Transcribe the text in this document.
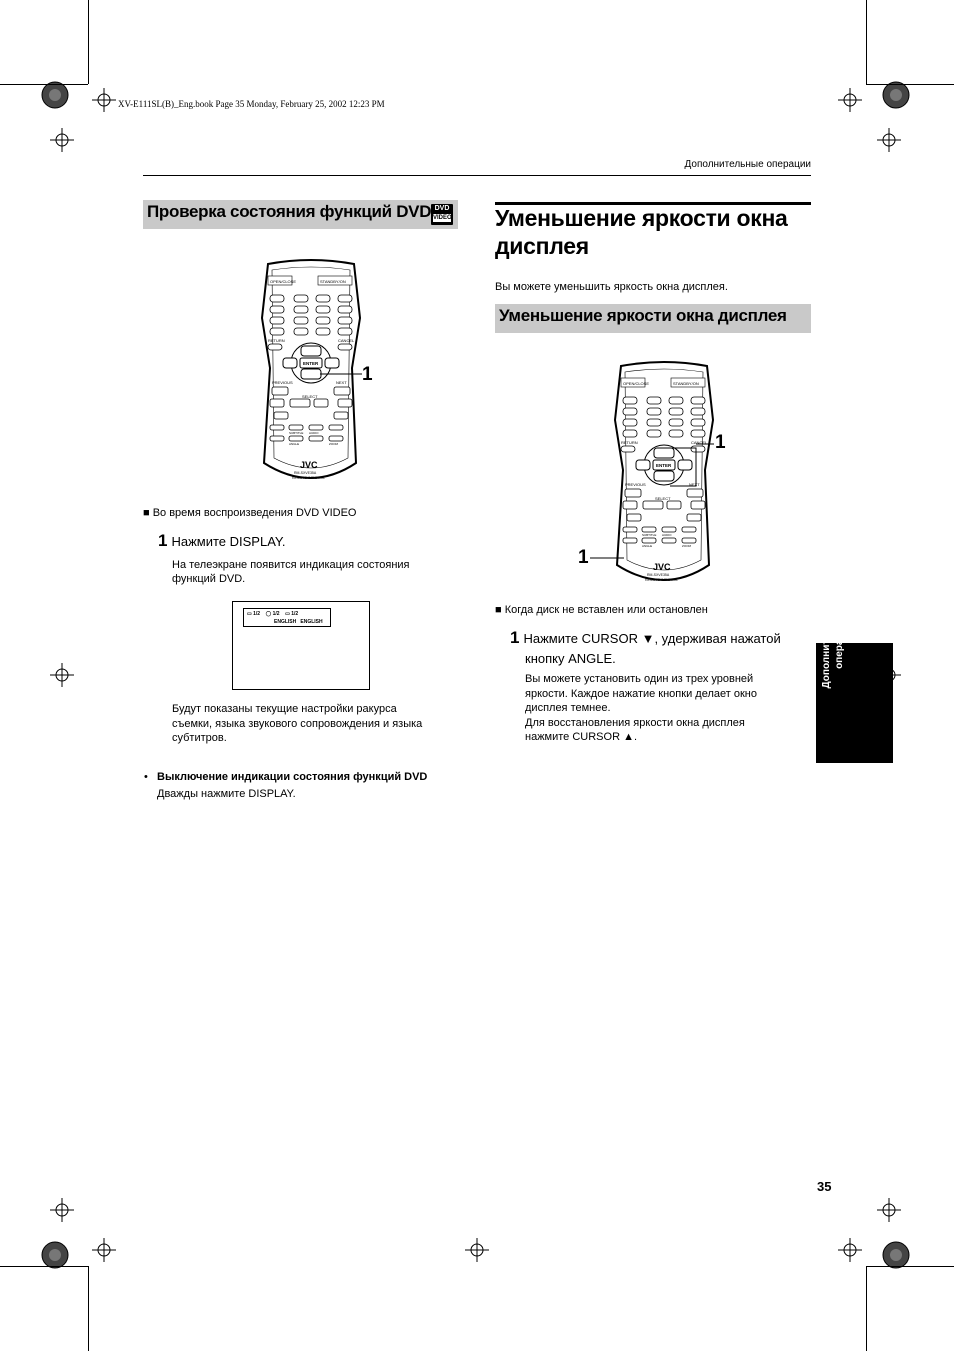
XV-E111SL(B)_Eng.book Page 35 Monday, February 25, 2002 12:23 PM
Дополнительные операции
Проверка состояния функций DVD DVD
VIDEO
OPEN/CLOSE	STANDBY/ON
RETURN	CANCEL
ENTER
PREVIOUS	NEXT
SELECT
SUBTITLE AUDIO
ANGLE	ZOOM
JVC
RM-SXVE35A
REMOTE CONTROL
1
■ Во время воспроизведения DVD VIDEO
1 Нажмите DISPLAY.
На телеэкране появится индикация состояния
функций DVD.
▭ 1/2    ◯ 1/2    ▭ 1/2
ENGLISH ENGLISH
Будут показаны текущие настройки ракурса
съемки, языка звукового сопровождения и языка
субтитров.
• Выключение индикации состояния функций DVD
Дважды нажмите DISPLAY.
Уменьшение яркости окна
дисплея
Вы можете уменьшить яркость окна дисплея.
Уменьшение яркости окна дисплея
OPEN/CLOSE	STANDBY/ON
RETURN	CANCEL
ENTER
PREVIOUS	NEXT
SELECT
SUBTITLE AUDIO
ANGLE	ZOOM
JVC
RM-SXVE35A
REMOTE CONTROL
1
1
■ Когда диск не вставлен или остановлен
1 Нажмите CURSOR ▼, удерживая нажатой
кнопку ANGLE.
Вы можете установить один из трех уровней
яркости. Каждое нажатие кнопки делает окно
дисплея темнее.
Для восстановления яркости окна дисплея
нажмите CURSOR ▲.
Дополнительные операции
35
